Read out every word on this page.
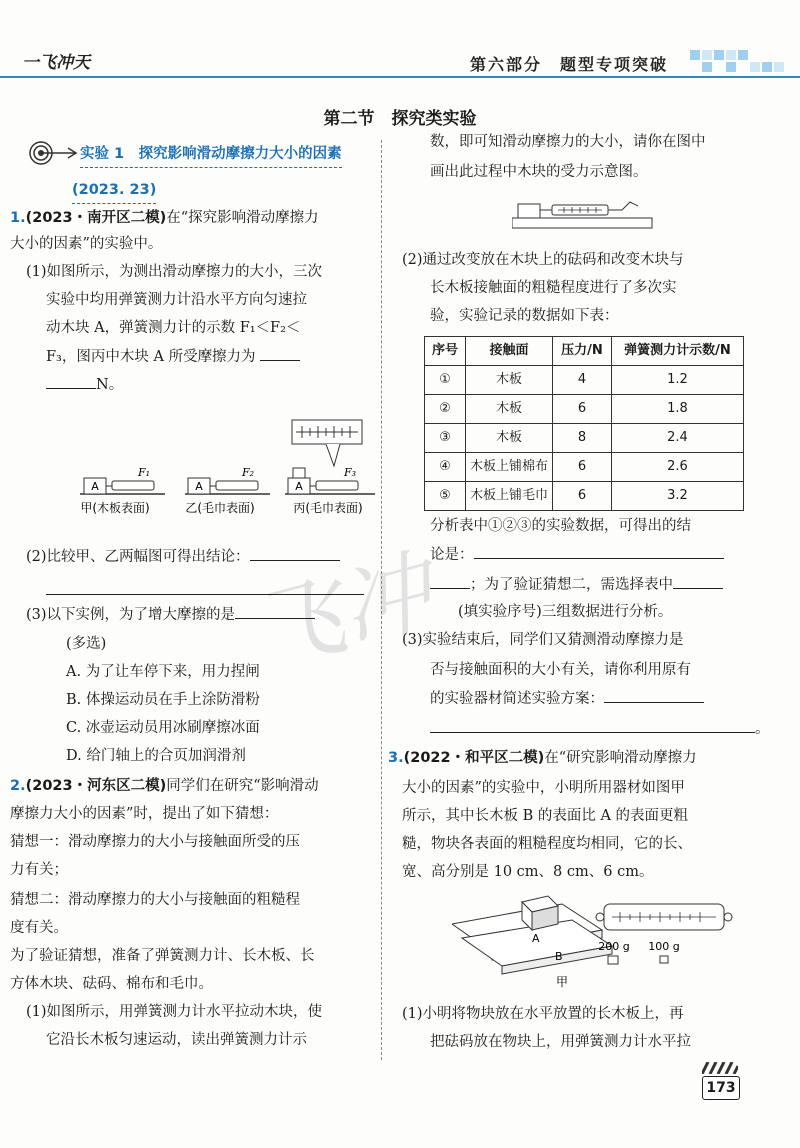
一飞冲天	第六部分　题型专项突破
第二节　探究类实验
飞冲
实验 1　探究影响滑动摩擦力大小的因素
(2023. 23)
1.(2023・南开区二模)在“探究影响滑动摩擦力
大小的因素”的实验中。
(1)如图所示，为测出滑动摩擦力的大小，三次
实验中均用弹簧测力计沿水平方向匀速拉
动木块 A，弹簧测力计的示数 F₁＜F₂＜
F₃，图丙中木块 A 所受摩擦力为
N。
A	A	A
F₁	F₂	F₃
甲(木板表面)	乙(毛巾表面)	丙(毛巾表面)
(2)比较甲、乙两幅图可得出结论：
(3)以下实例，为了增大摩擦的是
(多选)
A. 为了让车停下来，用力捏闸
B. 体操运动员在手上涂防滑粉
C. 冰壶运动员用冰刷摩擦冰面
D. 给门轴上的合页加润滑剂
2.(2023・河东区二模)同学们在研究“影响滑动
摩擦力大小的因素”时，提出了如下猜想：
猜想一：滑动摩擦力的大小与接触面所受的压
力有关；
猜想二：滑动摩擦力的大小与接触面的粗糙程
度有关。
为了验证猜想，准备了弹簧测力计、长木板、长
方体木块、砝码、棉布和毛巾。
(1)如图所示，用弹簧测力计水平拉动木块，使
它沿长木板匀速运动，读出弹簧测力计示
数，即可知滑动摩擦力的大小，请你在图中
画出此过程中木块的受力示意图。
(2)通过改变放在木块上的砝码和改变木块与
长木板接触面的粗糙程度进行了多次实
验，实验记录的数据如下表：
序号	接触面	压力/N	弹簧测力计示数/N
①	木板	4	1.2
②	木板	6	1.8
③	木板	8	2.4
④	木板上铺棉布	6	2.6
⑤	木板上铺毛巾	6	3.2
分析表中①②③的实验数据，可得出的结
论是：
；为了验证猜想二，需选择表中
(填实验序号)三组数据进行分析。
(3)实验结束后，同学们又猜测滑动摩擦力是
否与接触面积的大小有关，请你利用原有
的实验器材简述实验方案：
。
3.(2022・和平区二模)在“研究影响滑动摩擦力
大小的因素”的实验中，小明所用器材如图甲
所示，其中长木板 B 的表面比 A 的表面更粗
糙，物块各表面的粗糙程度均相同，它的长、
宽、高分别是 10 cm、8 cm、6 cm。
A
B
200 g 100 g
甲
(1)小明将物块放在水平放置的长木板上，再
把砝码放在物块上，用弹簧测力计水平拉
173
